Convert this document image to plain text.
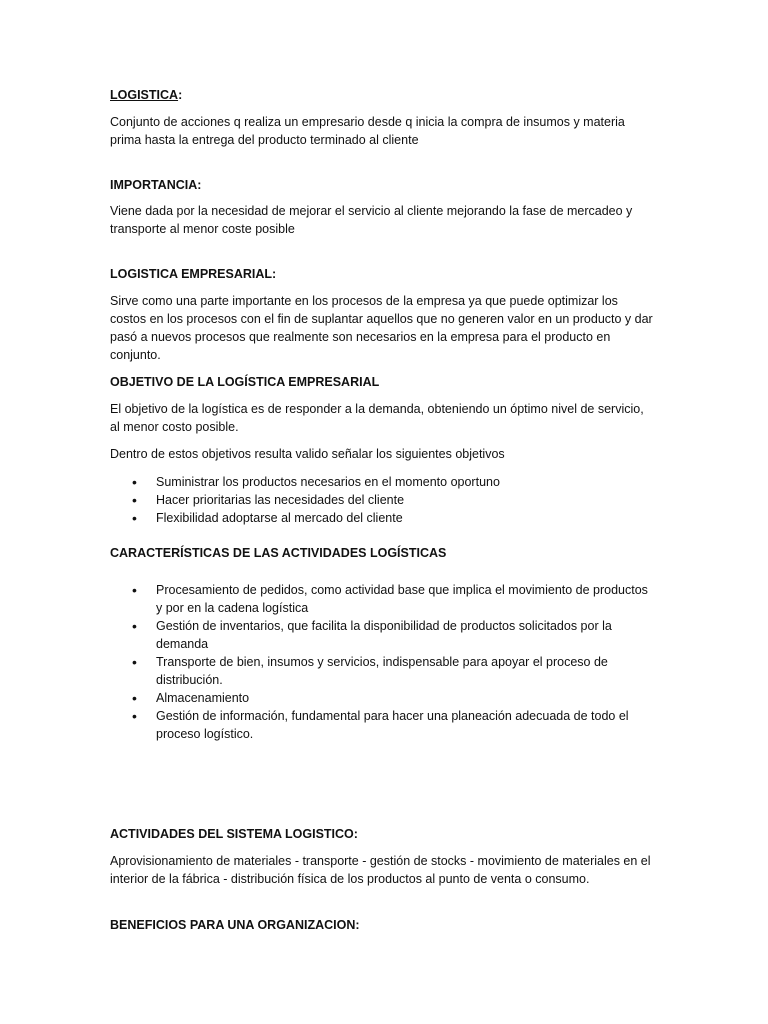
LOGISTICA:

Conjunto de acciones q realiza un empresario desde q inicia la compra de insumos y materia prima hasta la entrega del producto terminado al cliente

IMPORTANCIA:

Viene dada por la necesidad de mejorar el servicio al cliente mejorando la fase de mercadeo y transporte al menor coste posible

LOGISTICA EMPRESARIAL:

Sirve como una parte importante en los procesos de la empresa ya que puede optimizar los costos en los procesos con el fin de suplantar aquellos que no generen valor en un producto y dar pasó a nuevos procesos que realmente son necesarios en la empresa para el producto en conjunto.

OBJETIVO DE LA LOGÍSTICA EMPRESARIAL

El objetivo de la logística es de responder a la demanda, obteniendo un óptimo nivel de servicio, al menor costo posible.

Dentro de estos objetivos resulta valido señalar los siguientes objetivos

• Suministrar los productos necesarios en el momento oportuno
• Hacer prioritarias las necesidades del cliente
• Flexibilidad adoptarse al mercado del cliente

CARACTERÍSTICAS DE LAS ACTIVIDADES LOGÍSTICAS

• Procesamiento de pedidos, como actividad base que implica el movimiento de productos y por en la cadena logística
• Gestión de inventarios, que facilita la disponibilidad de productos solicitados por la demanda
• Transporte de bien, insumos y servicios, indispensable para apoyar el proceso de distribución.
• Almacenamiento
• Gestión de información, fundamental para hacer una planeación adecuada de todo el proceso logístico.

ACTIVIDADES DEL SISTEMA LOGISTICO:

Aprovisionamiento de materiales - transporte - gestión de stocks - movimiento de materiales en el interior de la fábrica - distribución física de los productos al punto de venta o consumo.

BENEFICIOS PARA UNA ORGANIZACION:
